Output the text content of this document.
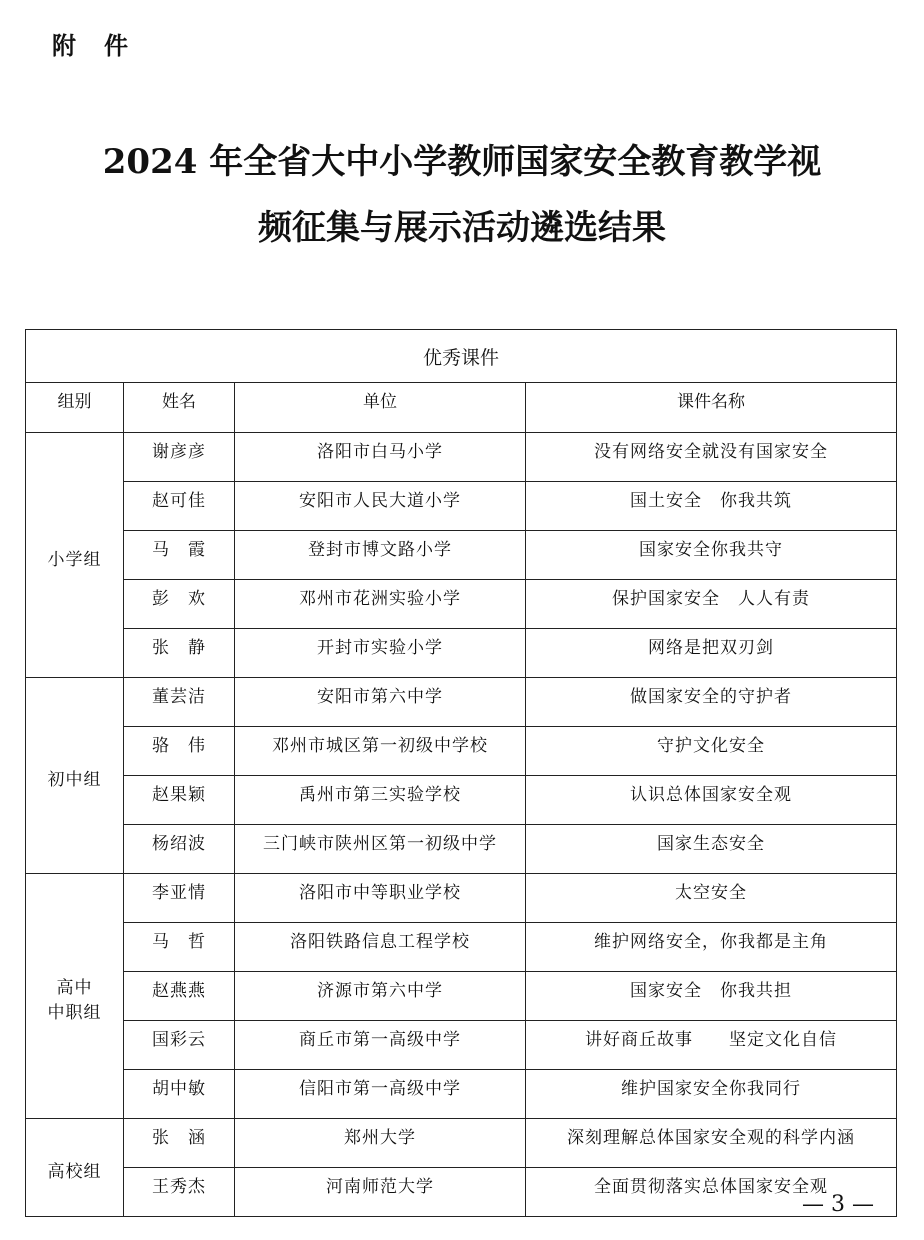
附　件
2024 年全省大中小学教师国家安全教育教学视
频征集与展示活动遴选结果
优秀课件			
组别	姓名	单位	课件名称
小学组	谢彦彦	洛阳市白马小学	没有网络安全就没有国家安全
	赵可佳	安阳市人民大道小学	国土安全　你我共筑
	马　霞	登封市博文路小学	国家安全你我共守
	彭　欢	邓州市花洲实验小学	保护国家安全　人人有责
	张　静	开封市实验小学	网络是把双刃剑
初中组	董芸洁	安阳市第六中学	做国家安全的守护者
	骆　伟	邓州市城区第一初级中学校	守护文化安全
	赵果颖	禹州市第三实验学校	认识总体国家安全观
	杨绍波	三门峡市陕州区第一初级中学	国家生态安全
高中
中职组	李亚情	洛阳市中等职业学校	太空安全
	马　哲	洛阳铁路信息工程学校	维护网络安全，你我都是主角
	赵燕燕	济源市第六中学	国家安全　你我共担
	国彩云	商丘市第一高级中学	讲好商丘故事　　坚定文化自信
	胡中敏	信阳市第一高级中学	维护国家安全你我同行
高校组	张　涵	郑州大学	深刻理解总体国家安全观的科学内涵
	王秀杰	河南师范大学	全面贯彻落实总体国家安全观
— 3 —
